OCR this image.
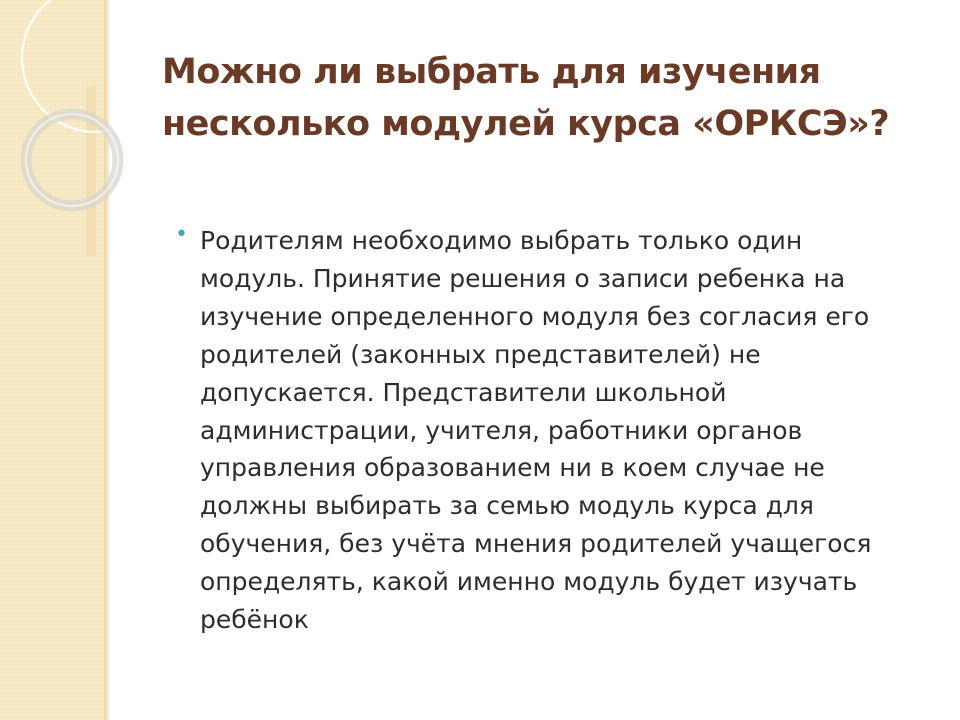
Можно ли выбрать для изучения
несколько модулей курса «ОРКСЭ»?
• Родителям необходимо выбрать только один
модуль. Принятие решения о записи ребенка на
изучение определенного модуля без согласия его
родителей (законных представителей) не
допускается. Представители школьной
администрации, учителя, работники органов
управления образованием ни в коем случае не
должны выбирать за семью модуль курса для
обучения, без учёта мнения родителей учащегося
определять, какой именно модуль будет изучать
ребёнок
